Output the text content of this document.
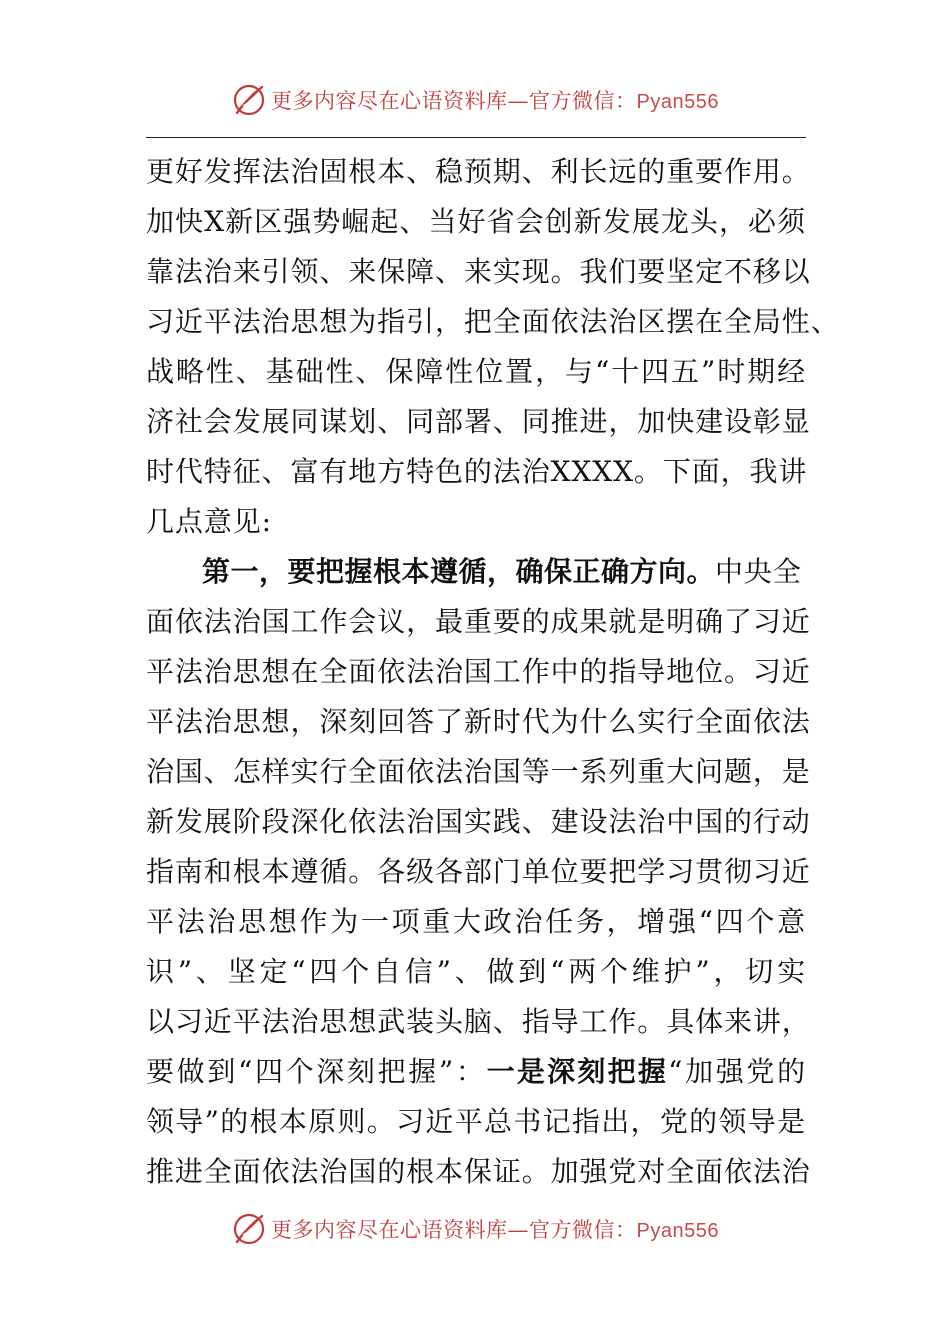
更多内容尽在心语资料库—官方微信：Pyan556
更好发挥法治固根本、稳预期、利长远的重要作用。
加快X新区强势崛起、当好省会创新发展龙头，必须
靠法治来引领、来保障、来实现。我们要坚定不移以
习近平法治思想为指引，把全面依法治区摆在全局性、
战略性、基础性、保障性位置，与“十四五”时期经
济社会发展同谋划、同部署、同推进，加快建设彰显
时代特征、富有地方特色的法治XXXX。下面，我讲
几点意见:
第一，要把握根本遵循，确保正确方向。中央全
面依法治国工作会议，最重要的成果就是明确了习近
平法治思想在全面依法治国工作中的指导地位。习近
平法治思想，深刻回答了新时代为什么实行全面依法
治国、怎样实行全面依法治国等一系列重大问题，是
新发展阶段深化依法治国实践、建设法治中国的行动
指南和根本遵循。各级各部门单位要把学习贯彻习近
平法治思想作为一项重大政治任务，增强“四个意
识”、坚定“四个自信”、做到“两个维护”，切实
以习近平法治思想武装头脑、指导工作。具体来讲，
要做到“四个深刻把握”：一是深刻把握“加强党的
领导”的根本原则。习近平总书记指出，党的领导是
推进全面依法治国的根本保证。加强党对全面依法治
更多内容尽在心语资料库—官方微信：Pyan556
